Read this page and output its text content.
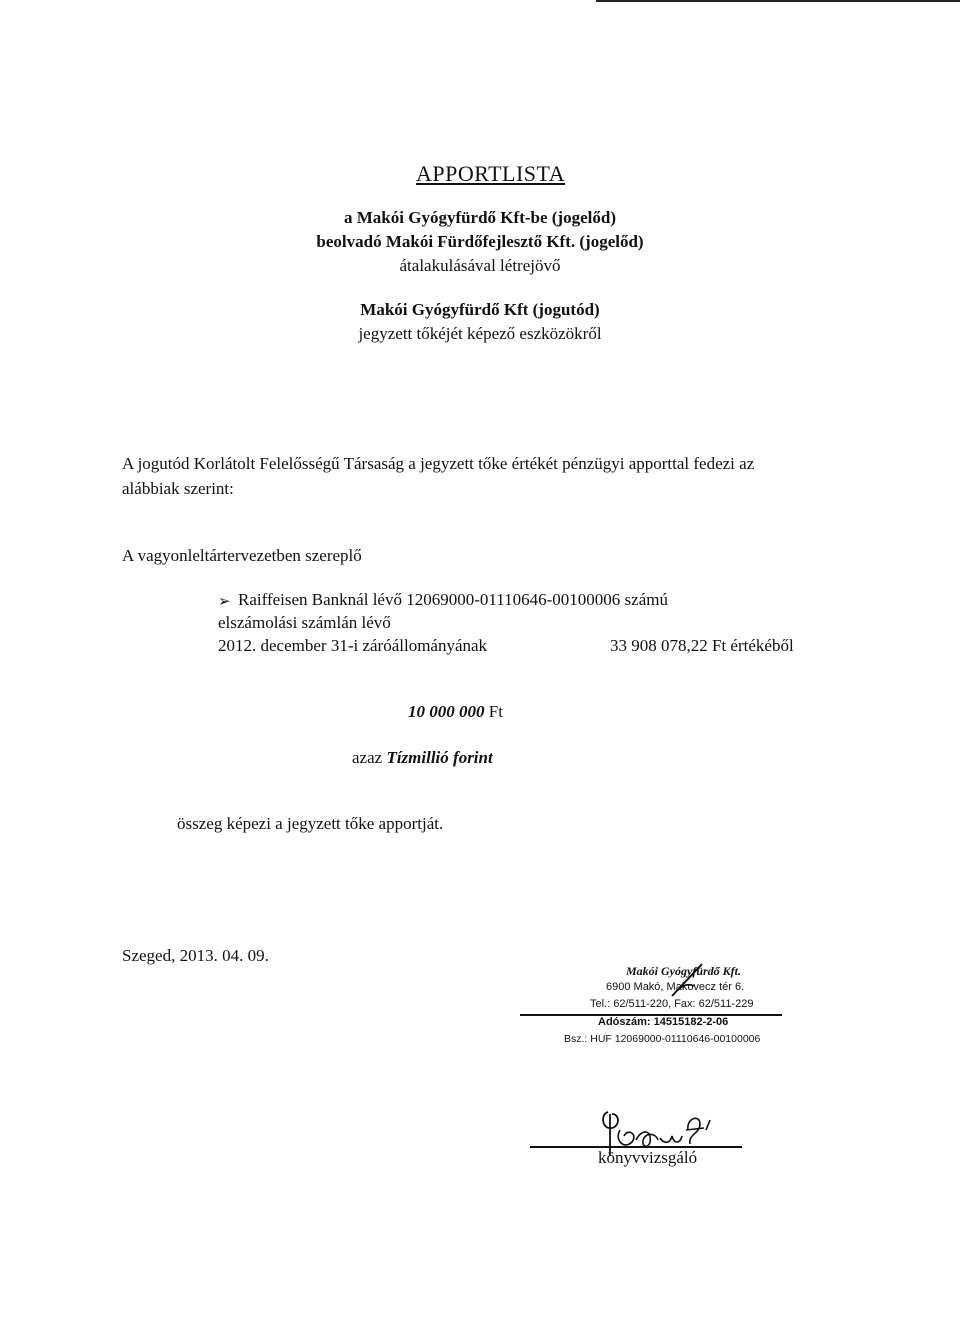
APPORTLISTA
a Makói Gyógyfürdő Kft-be (jogelőd)
beolvadó Makói Fürdőfejlesztő Kft. (jogelőd)
átalakulásával létrejövő
Makói Gyógyfürdő Kft (jogutód)
jegyzett tőkéjét képező eszközökről
A jogutód Korlátolt Felelősségű Társaság a jegyzett tőke értékét pénzügyi apporttal fedezi az
alábbiak szerint:
A vagyonleltártervezetben szereplő
➢ Raiffeisen Banknál lévő 12069000-01110646-00100006 számú
elszámolási számlán lévő
2012. december 31-i záróállományának	33 908 078,22 Ft értékéből
10 000 000 Ft
azaz Tízmillió forint
összeg képezi a jegyzett tőke apportját.
Szeged, 2013. 04. 09.
Makói Gyógyfürdő Kft.
6900 Makó, Makovecz tér 6.
Tel.: 62/511-220, Fax: 62/511-229
Adószám: 14515182-2-06
Bsz.: HUF 12069000-01110646-00100006
könyvvizsgáló
